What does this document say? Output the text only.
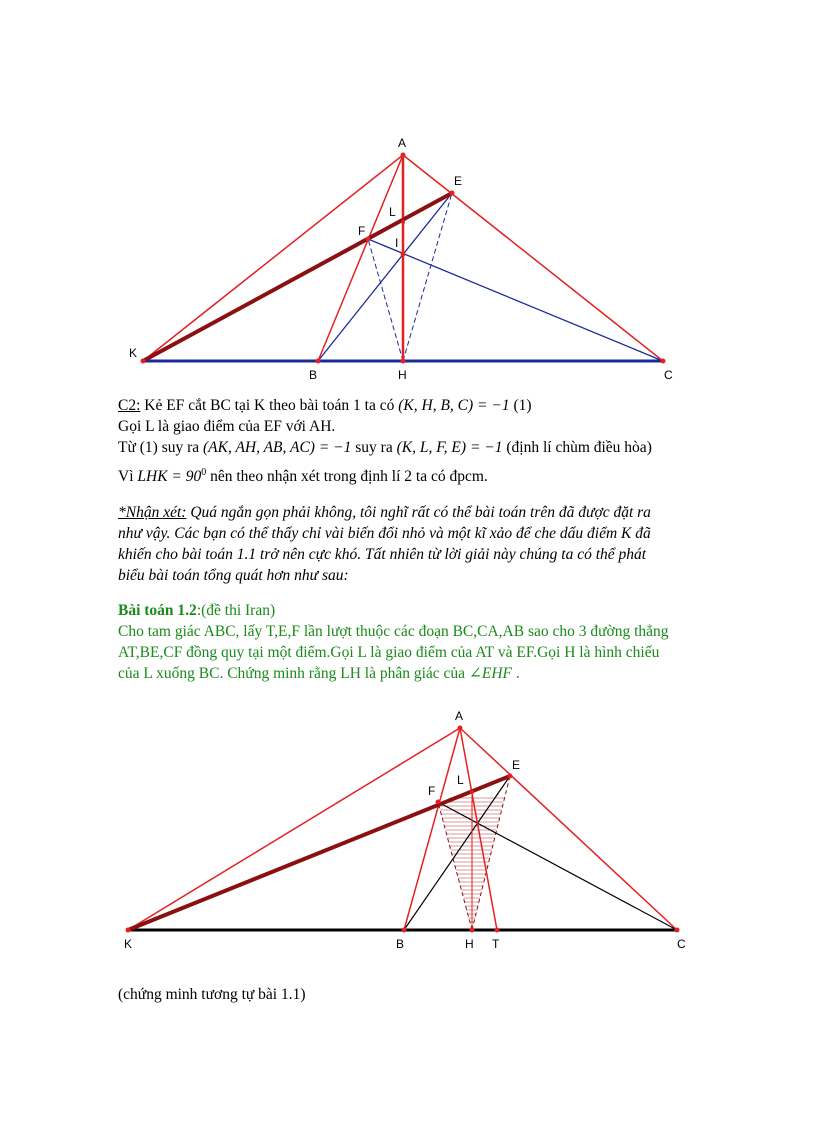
A
E
L
F
I
K
B	H	C
C2: Kẻ EF cắt BC tại K theo bài toán 1 ta có (K, H, B, C) = −1 (1)
Gọi L là giao điểm của EF với AH.
Từ (1) suy ra (AK, AH, AB, AC) = −1 suy ra (K, L, F, E) = −1 (định lí chùm điều hòa)
Vì LHK = $90^0$ nên theo nhận xét trong định lí 2 ta có đpcm.
*Nhận xét: Quá ngắn gọn phải không, tôi nghĩ rất có thể bài toán trên đã được đặt ra
như vậy. Các bạn có thể thấy chỉ vài biến đổi nhỏ và một kĩ xảo để che dấu điểm K đã
khiến cho bài toán 1.1 trở nên cực khó. Tất nhiên từ lời giải này chúng ta có thể phát
biểu bài toán tổng quát hơn như sau:
Bài toán 1.2:(đề thi Iran)
Cho tam giác ABC, lấy T,E,F lần lượt thuộc các đoạn BC,CA,AB sao cho 3 đường thẳng
AT,BE,CF đồng quy tại một điểm.Gọi L là giao điểm của AT và EF.Gọi H là hình chiếu
của L xuống BC. Chứng minh rằng LH là phân giác của ∠EHF .
A
E
L
F
K	B	H T	C
(chứng minh tương tự bài 1.1)
